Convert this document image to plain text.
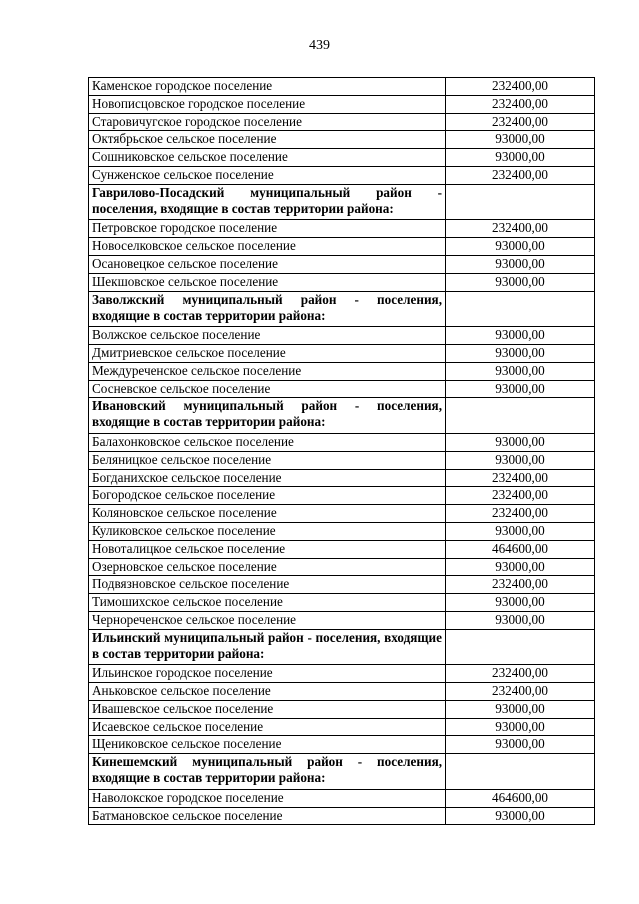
439
Каменское городское поселение	232400,00
Новописцовское городское поселение	232400,00
Старовичугское городское поселение	232400,00
Октябрьское сельское поселение	93000,00
Сошниковское сельское поселение	93000,00
Сунженское сельское поселение	232400,00
Гаврилово-Посадский муниципальный район - поселения, входящие в состав территории района:	
Петровское городское поселение	232400,00
Новоселковское сельское поселение	93000,00
Осановецкое сельское поселение	93000,00
Шекшовское сельское поселение	93000,00
Заволжский муниципальный район - поселения, входящие в состав территории района:	
Волжское сельское поселение	93000,00
Дмитриевское сельское поселение	93000,00
Междуреченское сельское поселение	93000,00
Сосневское сельское поселение	93000,00
Ивановский муниципальный район - поселения, входящие в состав территории района:	
Балахонковское сельское поселение	93000,00
Беляницкое сельское поселение	93000,00
Богданихское сельское поселение	232400,00
Богородское сельское поселение	232400,00
Коляновское сельское поселение	232400,00
Куликовское сельское поселение	93000,00
Новоталицкое сельское поселение	464600,00
Озерновское сельское поселение	93000,00
Подвязновское сельское поселение	232400,00
Тимошихское сельское поселение	93000,00
Чернореченское сельское поселение	93000,00
Ильинский муниципальный район - поселения, входящие в состав территории района:	
Ильинское городское поселение	232400,00
Аньковское сельское поселение	232400,00
Ивашевское сельское поселение	93000,00
Исаевское сельское поселение	93000,00
Щениковское сельское поселение	93000,00
Кинешемский муниципальный район - поселения, входящие в состав территории района:	
Наволокское городское поселение	464600,00
Батмановское сельское поселение	93000,00
